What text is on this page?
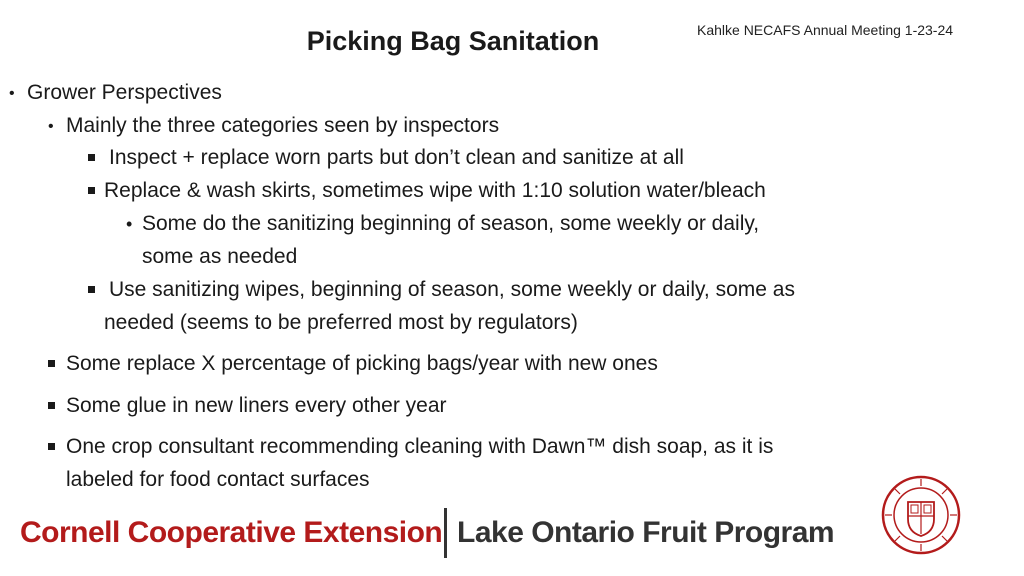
Picking Bag Sanitation	Kahlke NECAFS Annual Meeting 1-23-24
• Grower Perspectives
• Mainly the three categories seen by inspectors
Inspect + replace worn parts but don’t clean and sanitize at all
Replace & wash skirts, sometimes wipe with 1:10 solution water/bleach
• Some do the sanitizing beginning of season, some weekly or daily,
some as needed
Use sanitizing wipes, beginning of season, some weekly or daily, some as
needed (seems to be preferred most by regulators)
Some replace X percentage of picking bags/year with new ones
Some glue in new liners every other year
One crop consultant recommending cleaning with Dawn™ dish soap, as it is
labeled for food contact surfaces
Cornell Cooperative Extension Lake Ontario Fruit Program
